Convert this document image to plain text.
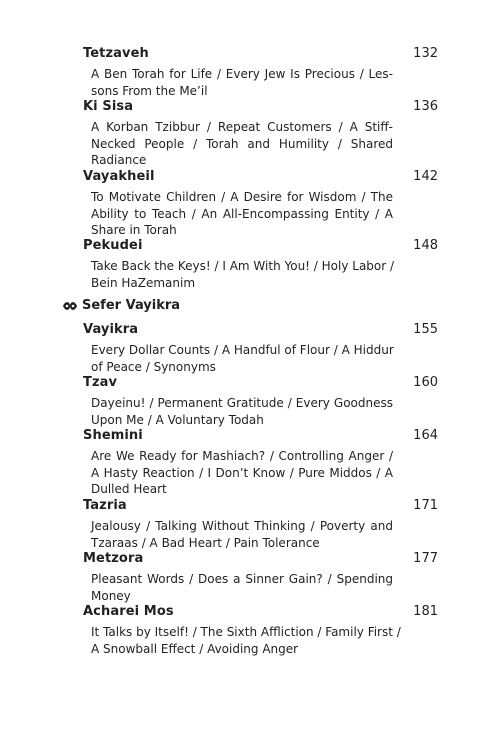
Tetzaveh	132
A Ben Torah for Life / Every Jew Is Precious / Les-
sons From the Me’il
Ki Sisa	136
A Korban Tzibbur / Repeat Customers / A Stiff-
Necked People / Torah and Humility / Shared
Radiance
Vayakheil	142
To Motivate Children / A Desire for Wisdom / The
Ability to Teach / An All-Encompassing Entity / A
Share in Torah
Pekudei	148
Take Back the Keys! / I Am With You! / Holy Labor /
Bein HaZemanim
Sefer Vayikra
Vayikra	155
Every Dollar Counts / A Handful of Flour / A Hiddur
of Peace / Synonyms
Tzav	160
Dayeinu! / Permanent Gratitude / Every Goodness
Upon Me / A Voluntary Todah
Shemini	164
Are We Ready for Mashiach? / Controlling Anger /
A Hasty Reaction / I Don’t Know / Pure Middos / A
Dulled Heart
Tazria	171
Jealousy / Talking Without Thinking / Poverty and
Tzaraas / A Bad Heart / Pain Tolerance
Metzora	177
Pleasant Words / Does a Sinner Gain? / Spending
Money
Acharei Mos	181
It Talks by Itself! / The Sixth Affliction / Family First /
A Snowball Effect / Avoiding Anger
